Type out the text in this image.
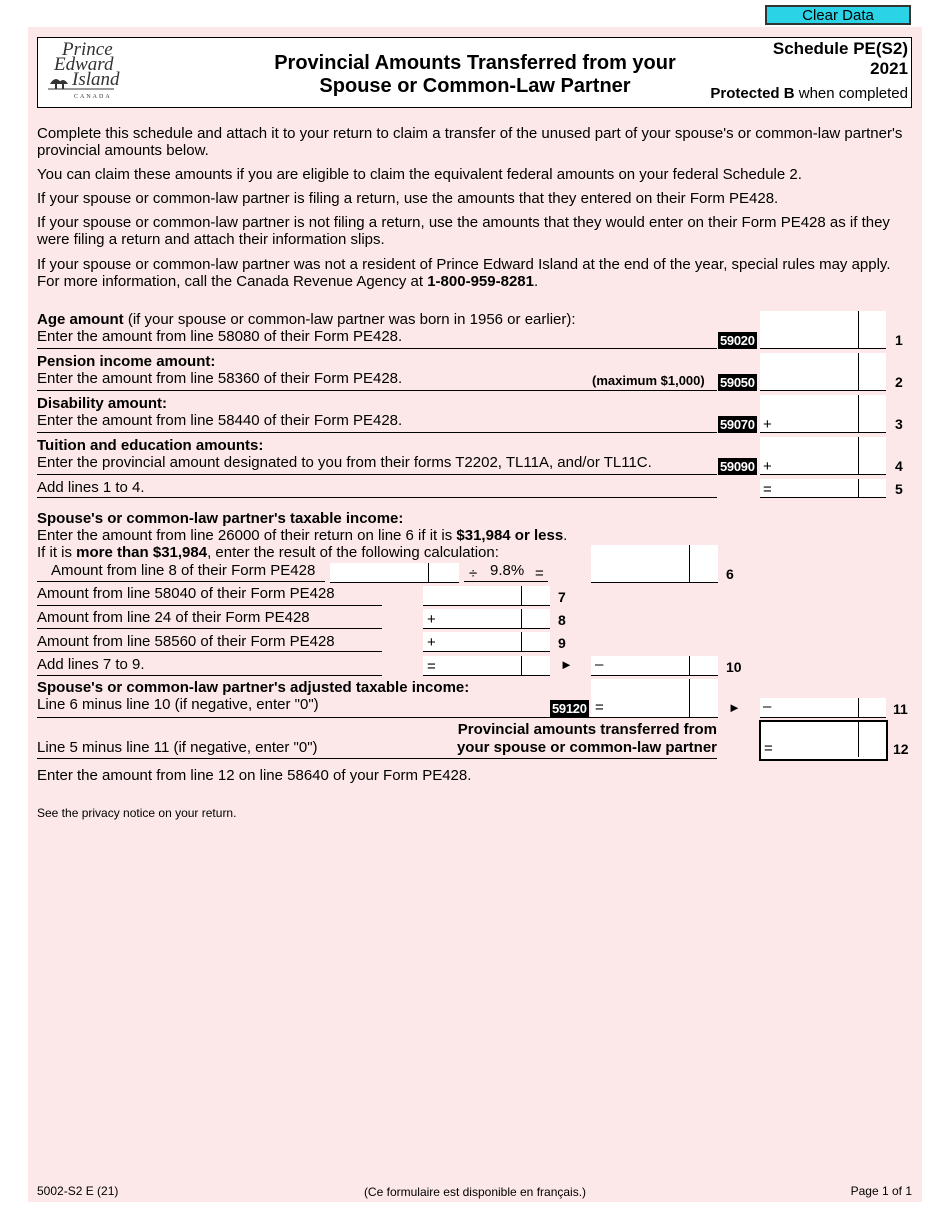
Clear Data
Prince
Edward
Island
CANADA
Provincial Amounts Transferred from your
Spouse or Common-Law Partner
Schedule PE(S2)
2021
Protected B when completed
Complete this schedule and attach it to your return to claim a transfer of the unused part of your spouse's or common-law partner's provincial amounts below.
You can claim these amounts if you are eligible to claim the equivalent federal amounts on your federal Schedule 2.
If your spouse or common-law partner is filing a return, use the amounts that they entered on their Form PE428.
If your spouse or common-law partner is not filing a return, use the amounts that they would enter on their Form PE428 as if they were filing a return and attach their information slips.
If your spouse or common-law partner was not a resident of Prince Edward Island at the end of the year, special rules may apply. For more information, call the Canada Revenue Agency at 1-800-959-8281.
Age amount (if your spouse or common-law partner was born in 1956 or earlier):
Enter the amount from line 58080 of their Form PE428.	59020	1
Pension income amount:
Enter the amount from line 58360 of their Form PE428.	(maximum $1,000) 59050	2
Disability amount:
Enter the amount from line 58440 of their Form PE428.	59070 +	3
Tuition and education amounts:
Enter the provincial amount designated to you from their forms T2202, TL11A, and/or TL11C.	59090 +	4
Add lines 1 to 4.	=	5
Spouse's or common-law partner's taxable income:
Enter the amount from line 26000 of their return on line 6 if it is $31,984 or less.
If it is more than $31,984, enter the result of the following calculation:
Amount from line 8 of their Form PE428	÷ 9.8% =	6
Amount from line 58040 of their Form PE428	7
Amount from line 24 of their Form PE428	+	8
Amount from line 58560 of their Form PE428	+	9
Add lines 7 to 9.	=	► –	10
Spouse's or common-law partner's adjusted taxable income:
Line 6 minus line 10 (if negative, enter "0")	59120 =	► –	11
Provincial amounts transferred from
your spouse or common-law partner
Line 5 minus line 11 (if negative, enter "0")	=	12
Enter the amount from line 12 on line 58640 of your Form PE428.
See the privacy notice on your return.
5002-S2 E (21)	(Ce formulaire est disponible en français.)	Page 1 of 1
